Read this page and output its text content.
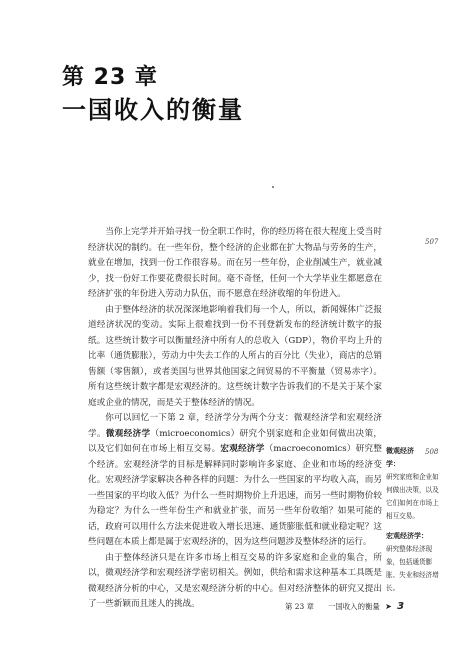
第 23 章
一国收入的衡量

当你上完学并开始寻找一份全职工作时，你的经历将在很大程度上受当时经济状况的制约。在一些年份，整个经济的企业都在扩大物品与劳务的生产，就业在增加，找到一份工作很容易。而在另一些年份，企业削减生产，就业减少，找一份好工作要花费很长时间。毫不奇怪，任何一个大学毕业生都愿意在经济扩张的年份进入劳动力队伍，而不愿意在经济收缩的年份进入。

由于整体经济的状况深深地影响着我们每一个人，所以，新闻媒体广泛报道经济状况的变动。实际上很难找到一份不刊登新发布的经济统计数字的报纸。这些统计数字可以衡量经济中所有人的总收入（GDP），物价平均上升的比率（通货膨胀），劳动力中失去工作的人所占的百分比（失业），商店的总销售额（零售额），或者美国与世界其他国家之间贸易的不平衡量（贸易赤字）。所有这些统计数字都是宏观经济的。这些统计数字告诉我们的不是关于某个家庭或企业的情况，而是关于整体经济的情况。

你可以回忆一下第 2 章，经济学分为两个分支：微观经济学和宏观经济学。微观经济学（microeconomics）研究个别家庭和企业如何做出决策，以及它们如何在市场上相互交易。宏观经济学（macroeconomics）研究整个经济。宏观经济学的目标是解释同时影响许多家庭、企业和市场的经济变化。宏观经济学家解决各种各样的问题：为什么一些国家的平均收入高，而另一些国家的平均收入低？为什么一些时期物价上升迅速，而另一些时期物价较为稳定？为什么一些年份生产和就业扩张，而另一些年份收缩？如果可能的话，政府可以用什么方法来促进收入增长迅速、通货膨胀低和就业稳定呢？这些问题在本质上都是属于宏观经济的，因为这些问题涉及整体经济的运行。

由于整体经济只是在许多市场上相互交易的许多家庭和企业的集合，所以，微观经济学和宏观经济学密切相关。例如，供给和需求这种基本工具既是微观经济分析的中心，又是宏观经济分析的中心。但对经济整体的研究又提出了一些新颖而且迷人的挑战。

507
508
微观经济学：
研究家庭和企业如何做出决策，以及它们如何在市场上相互交易。
宏观经济学：
研究整体经济现象，包括通货膨胀、失业和经济增长。
第 23 章 一国收入的衡量 ➤ 3
